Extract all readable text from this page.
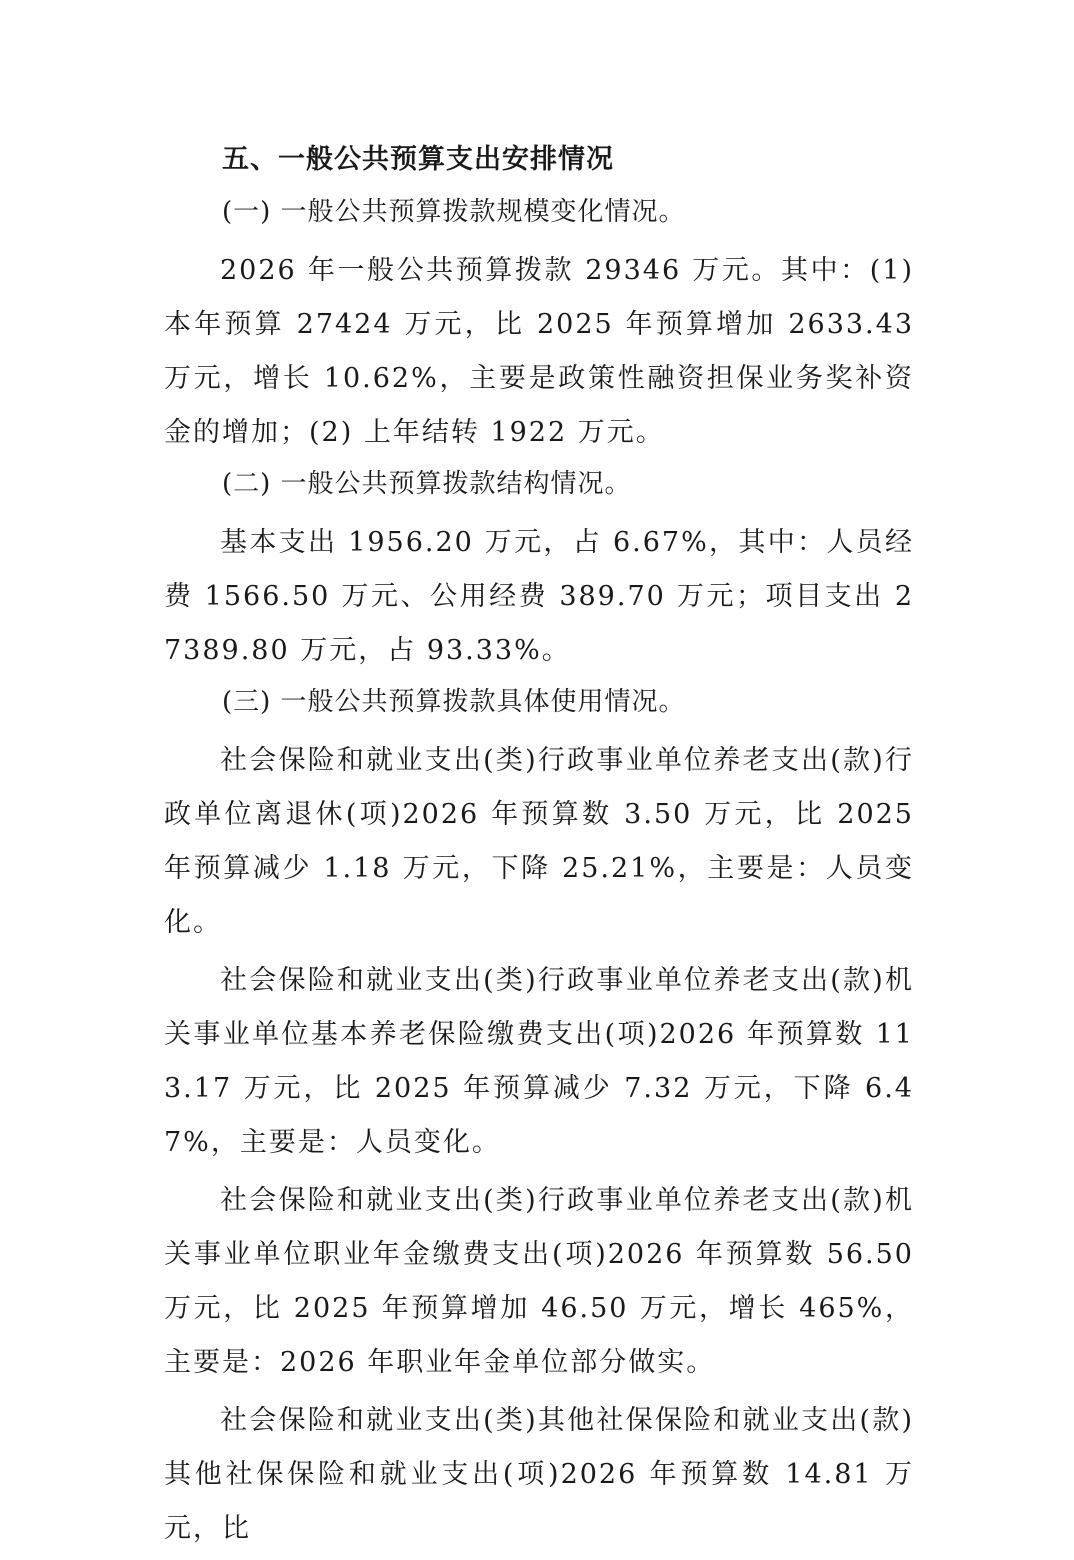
五、一般公共预算支出安排情况

(一) 一般公共预算拨款规模变化情况。

2026 年一般公共预算拨款 29346 万元。其中：(1) 本年预算 27424 万元，比 2025 年预算增加 2633.43 万元，增长 10.62%，主要是政策性融资担保业务奖补资金的增加；(2) 上年结转 1922 万元。

(二) 一般公共预算拨款结构情况。

基本支出 1956.20 万元，占 6.67%，其中：人员经费 1566.50 万元、公用经费 389.70 万元；项目支出 27389.80 万元，占 93.33%。

(三) 一般公共预算拨款具体使用情况。

社会保险和就业支出(类)行政事业单位养老支出(款)行政单位离退休(项)2026 年预算数 3.50 万元，比 2025 年预算减少 1.18 万元，下降 25.21%，主要是：人员变化。

社会保险和就业支出(类)行政事业单位养老支出(款)机关事业单位基本养老保险缴费支出(项)2026 年预算数 113.17 万元，比 2025 年预算减少 7.32 万元，下降 6.47%，主要是：人员变化。

社会保险和就业支出(类)行政事业单位养老支出(款)机关事业单位职业年金缴费支出(项)2026 年预算数 56.50 万元，比 2025 年预算增加 46.50 万元，增长 465%，主要是：2026 年职业年金单位部分做实。

社会保险和就业支出(类)其他社保保险和就业支出(款)其他社保保险和就业支出(项)2026 年预算数 14.81 万元，比
